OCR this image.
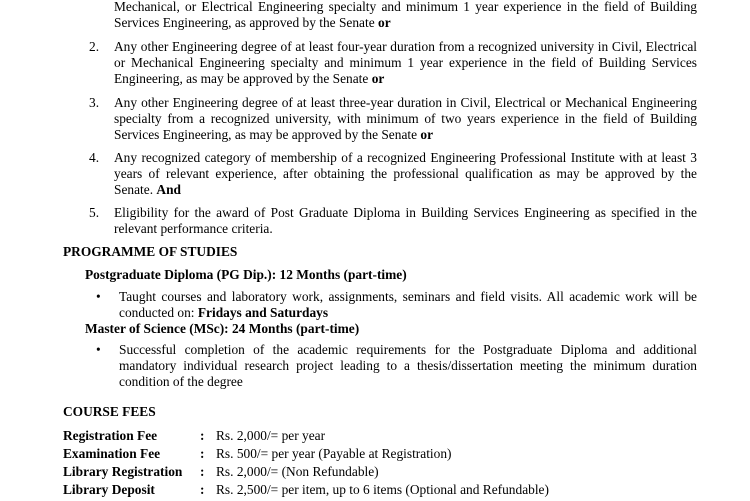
Mechanical, or Electrical Engineering specialty and minimum 1 year experience in the field of Building Services Engineering, as approved by the Senate or
2.	Any other Engineering degree of at least four-year duration from a recognized university in Civil, Electrical or Mechanical Engineering specialty and minimum 1 year experience in the field of Building Services Engineering, as may be approved by the Senate or
3.	Any other Engineering degree of at least three-year duration in Civil, Electrical or Mechanical Engineering specialty from a recognized university, with minimum of two years experience in the field of Building Services Engineering, as may be approved by the Senate or
4.	Any recognized category of membership of a recognized Engineering Professional Institute with at least 3 years of relevant experience, after obtaining the professional qualification as may be approved by the Senate. And
5.	Eligibility for the award of Post Graduate Diploma in Building Services Engineering as specified in the relevant performance criteria.
PROGRAMME OF STUDIES
Postgraduate Diploma (PG Dip.): 12 Months (part-time)
• Taught courses and laboratory work, assignments, seminars and field visits. All academic work will be conducted on: Fridays and Saturdays
Master of Science (MSc): 24 Months (part-time)
• Successful completion of the academic requirements for the Postgraduate Diploma and additional mandatory individual research project leading to a thesis/dissertation meeting the minimum duration condition of the degree
COURSE FEES
Registration Fee	: Rs. 2,000/= per year
Examination Fee	: Rs. 500/= per year (Payable at Registration)
Library Registration : Rs. 2,000/= (Non Refundable)
Library Deposit	: Rs. 2,500/= per item, up to 6 items (Optional and Refundable)
